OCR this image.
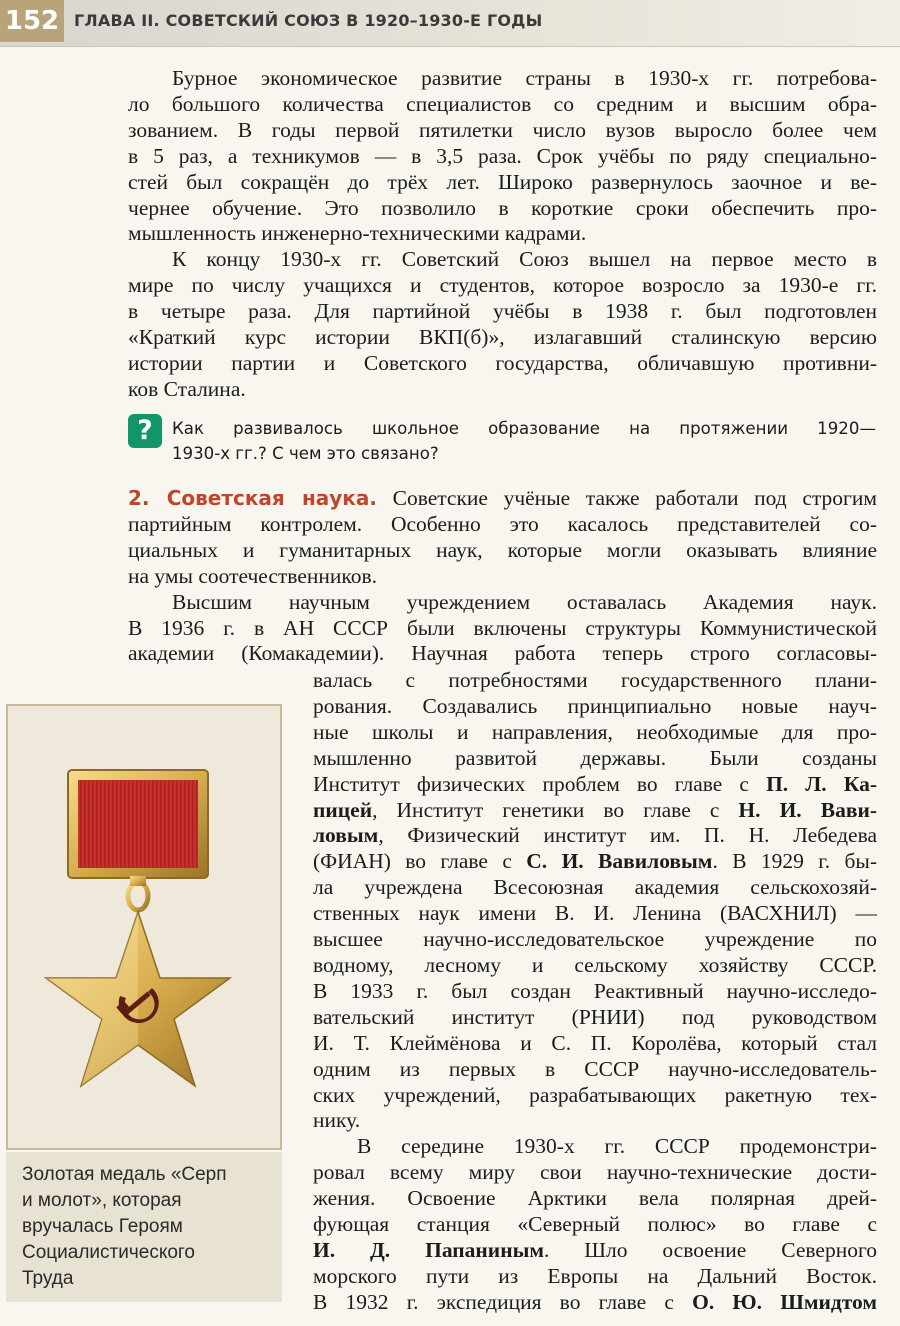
152 ГЛАВА II. СОВЕТСКИЙ СОЮЗ В 1920–1930-Е ГОДЫ
Бурное экономическое развитие страны в 1930-х гг. потребова-
ло большого количества специалистов со средним и высшим обра-
зованием. В годы первой пятилетки число вузов выросло более чем
в 5 раз, а техникумов — в 3,5 раза. Срок учёбы по ряду специально-
стей был сокращён до трёх лет. Широко развернулось заочное и ве-
чернее обучение. Это позволило в короткие сроки обеспечить про-
мышленность инженерно-техническими кадрами.
К концу 1930-х гг. Советский Союз вышел на первое место в
мире по числу учащихся и студентов, которое возросло за 1930-е гг.
в четыре раза. Для партийной учёбы в 1938 г. был подготовлен
«Краткий курс истории ВКП(б)», излагавший сталинскую версию
истории партии и Советского государства, обличавшую противни-
ков Сталина.
?	Как развивалось школьное образование на протяжении 1920—
1930-х гг.? С чем это связано?
2. Советская наука. Советские учёные также работали под строгим
партийным контролем. Особенно это касалось представителей со-
циальных и гуманитарных наук, которые могли оказывать влияние
на умы соотечественников.
Высшим научным учреждением оставалась Академия наук.
В 1936 г. в АН СССР были включены структуры Коммунистической
академии (Комакадемии). Научная работа теперь строго согласовы-
валась с потребностями государственного плани-
рования. Создавались принципиально новые науч-
ные школы и направления, необходимые для про-
мышленно развитой державы. Были созданы
Институт физических проблем во главе с П. Л. Ка-
пицей, Институт генетики во главе с Н. И. Вави-
ловым, Физический институт им. П. Н. Лебедева
(ФИАН) во главе с С. И. Вавиловым. В 1929 г. бы-
ла учреждена Всесоюзная академия сельскохозяй-
ственных наук имени В. И. Ленина (ВАСХНИЛ) —
высшее научно-исследовательское учреждение по
водному, лесному и сельскому хозяйству СССР.
В 1933 г. был создан Реактивный научно-исследо-
вательский институт (РНИИ) под руководством
И. Т. Клеймёнова и С. П. Королёва, который стал
одним из первых в СССР научно-исследователь-
ских учреждений, разрабатывающих ракетную тех-
нику.
В середине 1930-х гг. СССР продемонстри-
ровал всему миру свои научно-технические дости-
жения. Освоение Арктики вела полярная дрей-
фующая станция «Северный полюс» во главе с
И. Д. Папаниным. Шло освоение Северного
морского пути из Европы на Дальний Восток.
В 1932 г. экспедиция во главе с О. Ю. Шмидтом
Золотая медаль «Серп
и молот», которая
вручалась Героям
Социалистического
Труда
